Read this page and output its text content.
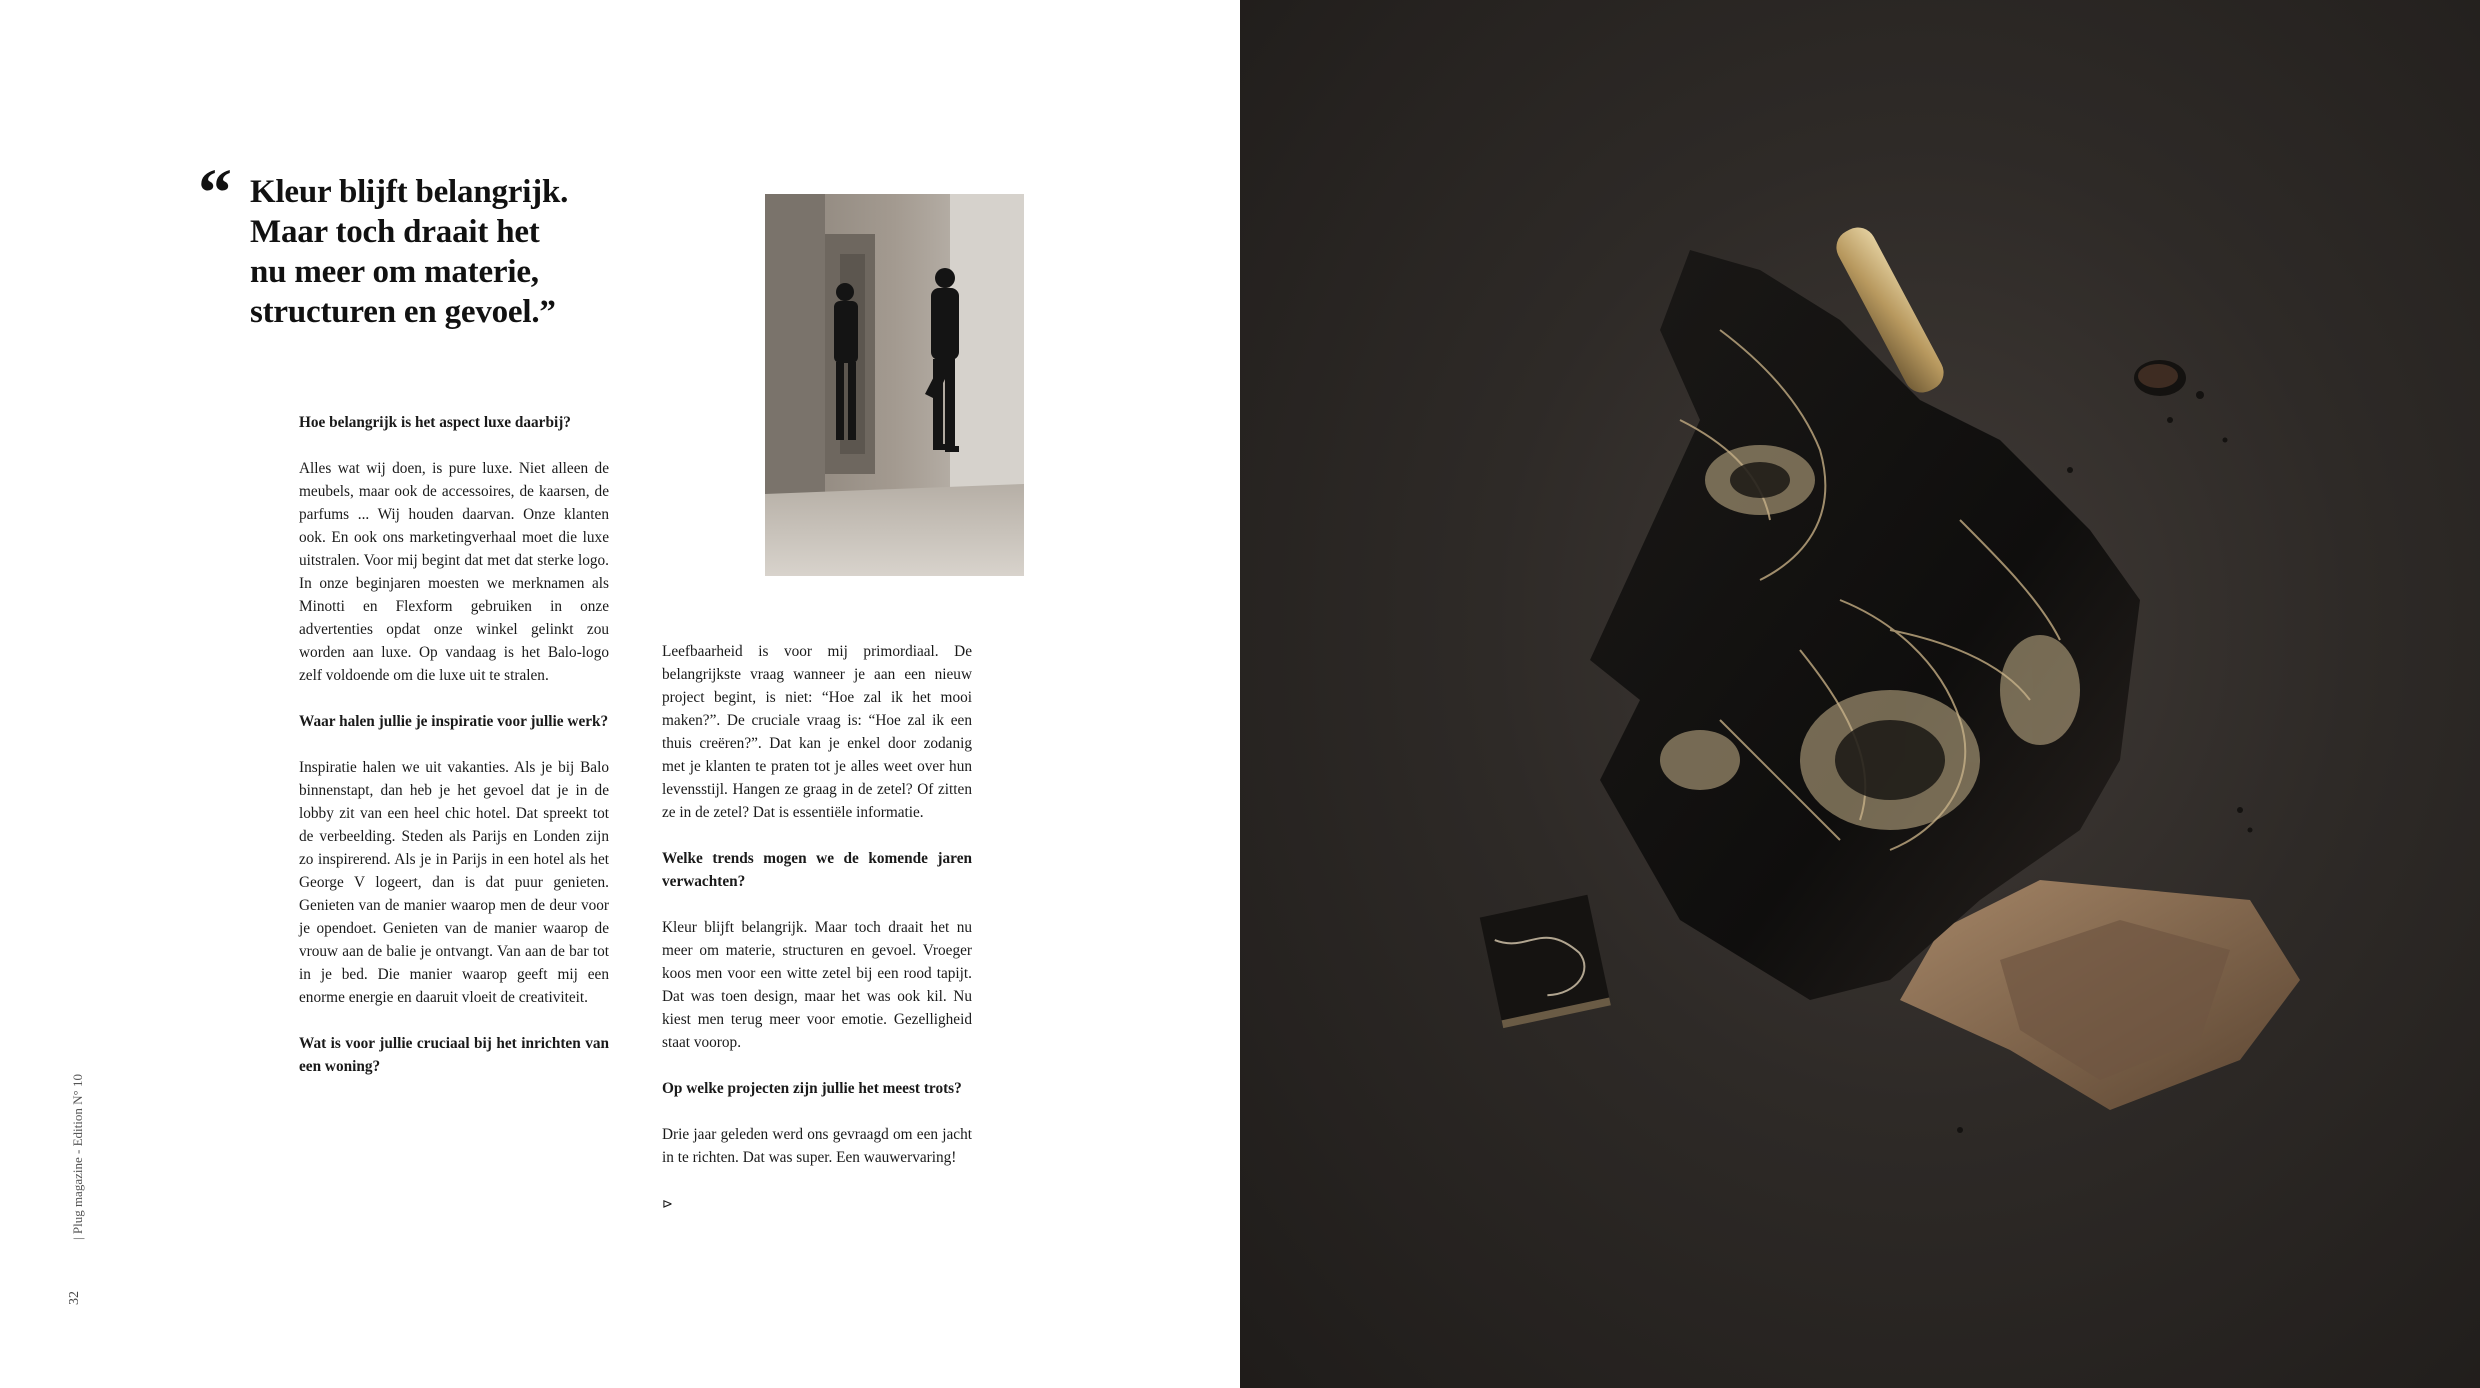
“ Kleur blijft belangrijk.
Maar toch draait het
nu meer om materie,
structuren en gevoel.”

Hoe belangrijk is het aspect luxe daarbij?

Alles wat wij doen, is pure luxe. Niet alleen de meubels, maar ook de accessoires, de kaarsen, de parfums ... Wij houden daarvan. Onze klanten ook. En ook ons marketingverhaal moet die luxe uitstralen. Voor mij begint dat met dat sterke logo. In onze beginjaren moesten we merknamen als Minotti en Flexform gebruiken in onze advertenties opdat onze winkel gelinkt zou worden aan luxe. Op vandaag is het Balo-logo zelf voldoende om die luxe uit te stralen.

Waar halen jullie je inspiratie voor jullie werk?

Inspiratie halen we uit vakanties. Als je bij Balo binnenstapt, dan heb je het gevoel dat je in de lobby zit van een heel chic hotel. Dat spreekt tot de verbeelding. Steden als Parijs en Londen zijn zo inspirerend. Als je in Parijs in een hotel als het George V logeert, dan is dat puur genieten. Genieten van de manier waarop men de deur voor je opendoet. Genieten van de manier waarop de vrouw aan de balie je ontvangt. Van aan de bar tot in je bed. Die manier waarop geeft mij een enorme energie en daaruit vloeit de creativiteit.

Wat is voor jullie cruciaal bij het inrichten van een woning?

Leefbaarheid is voor mij primordiaal. De belangrijkste vraag wanneer je aan een nieuw project begint, is niet: “Hoe zal ik het mooi maken?”. De cruciale vraag is: “Hoe zal ik een thuis creëren?”. Dat kan je enkel door zodanig met je klanten te praten tot je alles weet over hun levensstijl. Hangen ze graag in de zetel? Of zitten ze in de zetel? Dat is essentiële informatie.

Welke trends mogen we de komende jaren verwachten?

Kleur blijft belangrijk. Maar toch draait het nu meer om materie, structuren en gevoel. Vroeger koos men voor een witte zetel bij een rood tapijt. Dat was toen design, maar het was ook kil. Nu kiest men terug meer voor emotie. Gezelligheid staat voorop.

Op welke projecten zijn jullie het meest trots?

Drie jaar geleden werd ons gevraagd om een jacht in te richten. Dat was super. Een wauwervaring!

⊳

| Plug magazine - Edition N° 10
32
